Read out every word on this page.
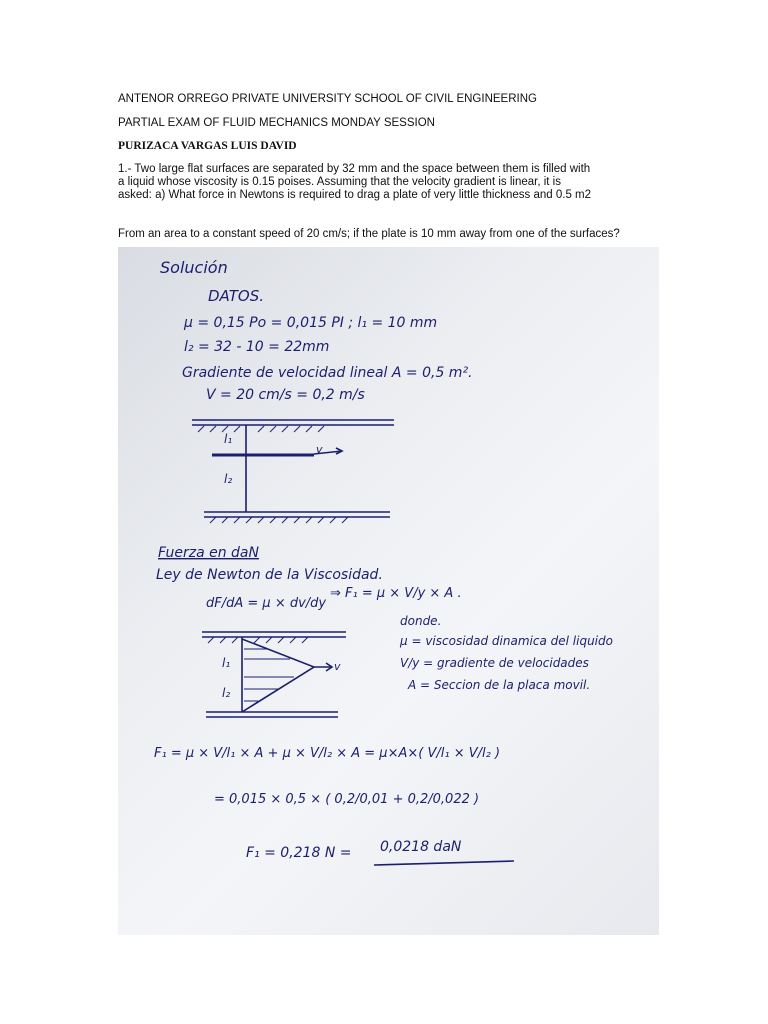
ANTENOR ORREGO PRIVATE UNIVERSITY SCHOOL OF CIVIL ENGINEERING
PARTIAL EXAM OF FLUID MECHANICS MONDAY SESSION
PURIZACA VARGAS LUIS DAVID
1.- Two large flat surfaces are separated by 32 mm and the space between them is filled with a liquid whose viscosity is 0.15 poises. Assuming that the velocity gradient is linear, it is asked: a) What force in Newtons is required to drag a plate of very little thickness and 0.5 m2
From an area to a constant speed of 20 cm/s; if the plate is 10 mm away from one of the surfaces?
Solución
DATOS.
μ = 0,15 Po = 0,015 PI ; l₁ = 10 mm
l₂ = 32 - 10 = 22mm
Gradiente de velocidad lineal A = 0,5 m².
V = 20 cm/s = 0,2 m/s
l₁
l₂
v
Fuerza en daN
Ley de Newton de la Viscosidad.
dF/dA = μ × dv/dy
⇒ F₁ = μ × V/y × A .
donde.
μ = viscosidad dinamica del liquido
V/y = gradiente de velocidades
A = Seccion de la placa movil.
l₁
l₂
v
F₁ = μ × V/l₁ × A + μ × V/l₂ × A = μ×A×( V/l₁ × V/l₂ )
= 0,015 × 0,5 × ( 0,2/0,01 + 0,2/0,022 )
F₁ = 0,218 N = 0,0218 daN
